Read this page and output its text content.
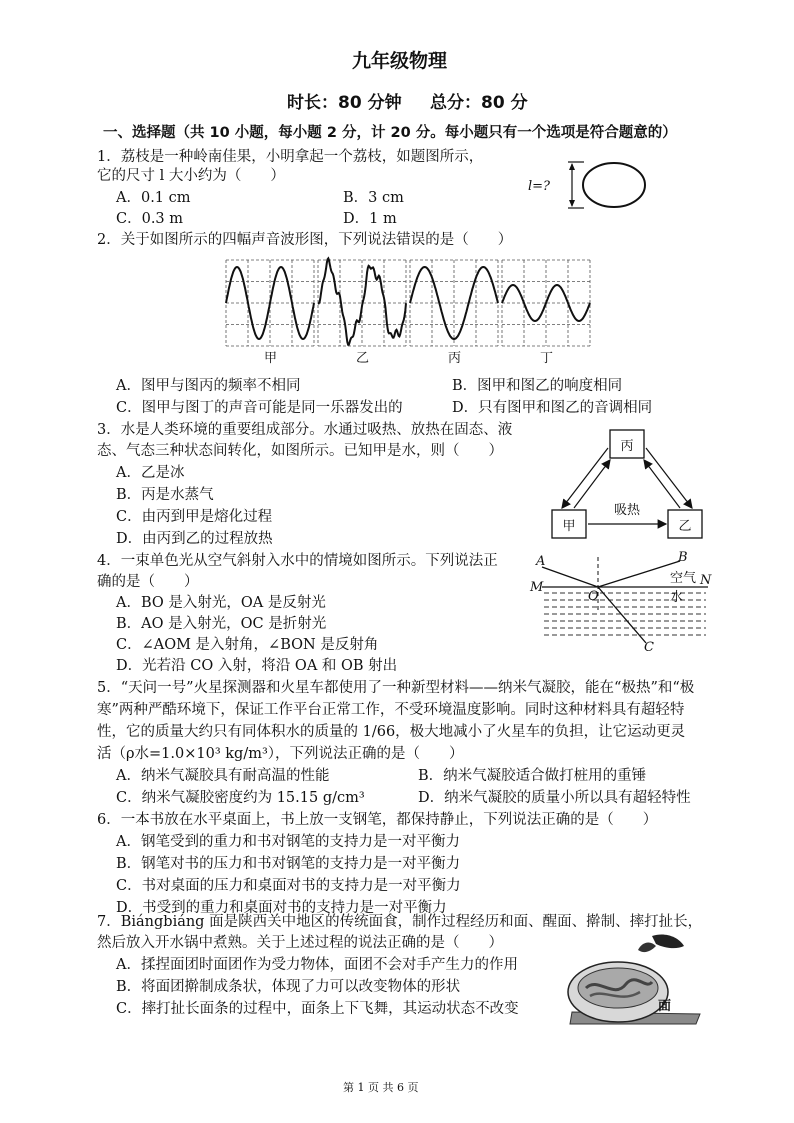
九年级物理
时长：80 分钟 总分：80 分
一、选择题（共 10 小题，每小题 2 分，计 20 分。每小题只有一个选项是符合题意的）
1．荔枝是一种岭南佳果，小明拿起一个荔枝，如题图所示，
它的尺寸 l 大小约为（　　）
A．0.1 cm	B．3 cm
C．0.3 m	D．1 m
l=?
2．关于如图所示的四幅声音波形图，下列说法错误的是（　　）
甲	乙	丙	丁
A．图甲与图丙的频率不相同	B．图甲和图乙的响度相同
C．图甲与图丁的声音可能是同一乐器发出的	D．只有图甲和图乙的音调相同
3．水是人类环境的重要组成部分。水通过吸热、放热在固态、液
态、气态三种状态间转化，如图所示。已知甲是水，则（　　）
A．乙是冰
B．丙是水蒸气
C．由丙到甲是熔化过程
D．由丙到乙的过程放热
丙
甲	乙
吸热
4．一束单色光从空气斜射入水中的情境如图所示。下列说法正
确的是（　　）
A．BO 是入射光，OA 是反射光
B．AO 是入射光，OC 是折射光
C．∠AOM 是入射角，∠BON 是反射角
D．光若沿 CO 入射，将沿 OA 和 OB 射出
A	B
C
M	N
O
空气
水
5．“天问一号”火星探测器和火星车都使用了一种新型材料——纳米气凝胶，能在“极热”和“极
寒”两种严酷环境下，保证工作平台正常工作，不受环境温度影响。同时这种材料具有超轻特
性，它的质量大约只有同体积水的质量的 1/66，极大地减小了火星车的负担，让它运动更灵
活（ρ水=1.0×10³ kg/m³），下列说法正确的是（　　）
A．纳米气凝胶具有耐高温的性能	B．纳米气凝胶适合做打桩用的重锤
C．纳米气凝胶密度约为 15.15 g/cm³	D．纳米气凝胶的质量小所以具有超轻特性
6．一本书放在水平桌面上，书上放一支钢笔，都保持静止，下列说法正确的是（　　）
A．钢笔受到的重力和书对钢笔的支持力是一对平衡力
B．钢笔对书的压力和书对钢笔的支持力是一对平衡力
C．书对桌面的压力和桌面对书的支持力是一对平衡力
D．书受到的重力和桌面对书的支持力是一对平衡力
7．Biángbiáng 面是陕西关中地区的传统面食，制作过程经历和面、醒面、擀制、摔打扯长，
然后放入开水锅中煮熟。关于上述过程的说法正确的是（　　）
A．揉捏面团时面团作为受力物体，面团不会对手产生力的作用
B．将面团擀制成条状，体现了力可以改变物体的形状
C．摔打扯长面条的过程中，面条上下飞舞，其运动状态不改变	面
第 1 页 共 6 页
